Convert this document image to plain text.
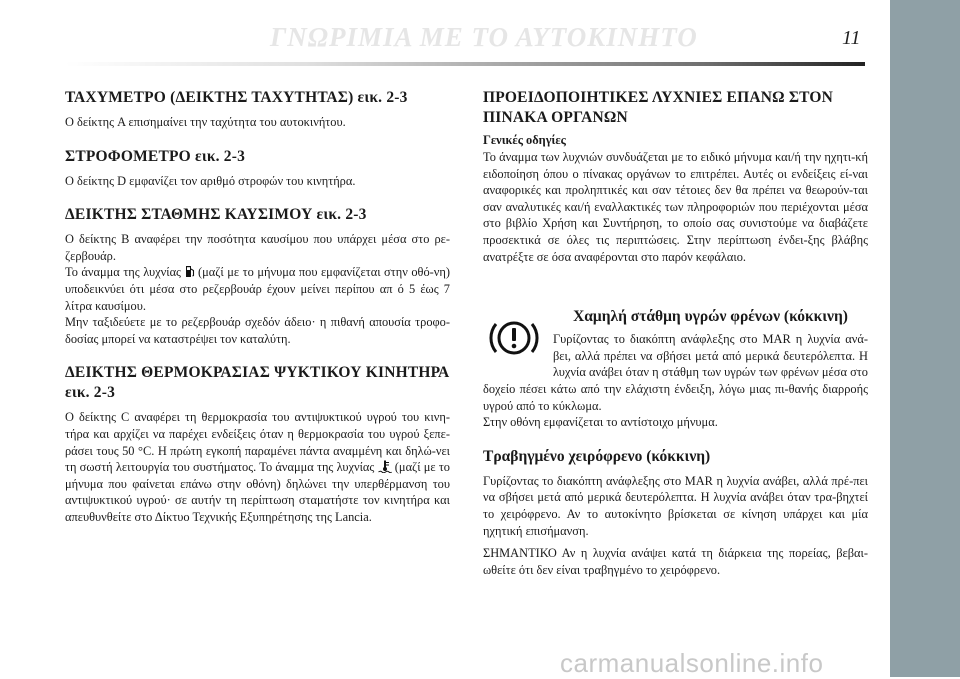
ΓΝΩΡΙΜΙΑ ΜΕ ΤΟ ΑΥΤΟΚΙΝΗΤΟ	11
ΤΑΧΥΜΕΤΡΟ (ΔΕΙΚΤΗΣ ΤΑΧΥΤΗΤΑΣ) εικ. 2-3

Ο δείκτης A επισημαίνει την ταχύτητα του αυτοκινήτου.

ΣΤΡΟΦΟΜΕΤΡΟ εικ. 2-3

Ο δείκτης D εμφανίζει τον αριθμό στροφών του κινητήρα.

ΔΕΙΚΤΗΣ ΣΤΑΘΜΗΣ ΚΑΥΣΙΜΟΥ εικ. 2-3

Ο δείκτης B αναφέρει την ποσότητα καυσίμου που υπάρχει μέσα στο ρε-ζερβουάρ.

Το άναμμα της λυχνίας (μαζί με το μήνυμα που εμφανίζεται στην οθό-νη) υποδεικνύει ότι μέσα στο ρεζερβουάρ έχουν μείνει περίπου απ ό 5 έως 7 λίτρα καυσίμου.

Μην ταξιδεύετε με το ρεζερβουάρ σχεδόν άδειο· η πιθανή απουσία τροφο-δοσίας μπορεί να καταστρέψει τον καταλύτη.

ΔΕΙΚΤΗΣ ΘΕΡΜΟΚΡΑΣΙΑΣ ΨΥΚΤΙΚΟΥ ΚΙΝΗΤΗΡΑ εικ. 2-3

Ο δείκτης C αναφέρει τη θερμοκρασία του αντιψυκτικού υγρού του κινη-τήρα και αρχίζει να παρέχει ενδείξεις όταν η θερμοκρασία του υγρού ξεπε-ράσει τους 50 °C. Η πρώτη εγκοπή παραμένει πάντα αναμμένη και δηλώ-νει τη σωστή λειτουργία του συστήματος. Το άναμμα της λυχνίας (μαζί με το μήνυμα που φαίνεται επάνω στην οθόνη) δηλώνει την υπερθέρμανση του αντιψυκτικού υγρού· σε αυτήν τη περίπτωση σταματήστε τον κινητήρα και απευθυνθείτε στο Δίκτυο Τεχνικής Εξυπηρέτησης της Lancia.

ΠΡΟΕΙΔΟΠΟΙΗΤΙΚΕΣ ΛΥΧΝΙΕΣ ΕΠΑΝΩ ΣΤΟΝ ΠΙΝΑΚΑ ΟΡΓΑΝΩΝ
Γενικές οδηγίες

Το άναμμα των λυχνιών συνδυάζεται με το ειδικό μήνυμα και/ή την ηχητι-κή ειδοποίηση όπου ο πίνακας οργάνων το επιτρέπει. Αυτές οι ενδείξεις εί-ναι αναφορικές και προληπτικές και σαν τέτοιες δεν θα πρέπει να θεωρούν-ται σαν αναλυτικές και/ή εναλλακτικές των πληροφοριών που περιέχονται μέσα στο βιβλίο Χρήση και Συντήρηση, το οποίο σας συνιστούμε να διαβάζετε προσεκτικά σε όλες τις περιπτώσεις. Στην περίπτωση ένδει-ξης βλάβης ανατρέξτε σε όσα αναφέρονται στο παρόν κεφάλαιο.

Χαμηλή στάθμη υγρών φρένων (κόκκινη)

Γυρίζοντας το διακόπτη ανάφλεξης στο MAR η λυχνία ανά-βει, αλλά πρέπει να σβήσει μετά από μερικά δευτερόλεπτα. Η λυχνία ανάβει όταν η στάθμη των υγρών των φρένων μέσα στο δοχείο πέσει κάτω από την ελάχιστη ένδειξη, λόγω μιας πι-θανής διαρροής υγρού από το κύκλωμα.

Στην οθόνη εμφανίζεται το αντίστοιχο μήνυμα.

Τραβηγμένο χειρόφρενο (κόκκινη)

Γυρίζοντας το διακόπτη ανάφλεξης στο MAR η λυχνία ανάβει, αλλά πρέ-πει να σβήσει μετά από μερικά δευτερόλεπτα. Η λυχνία ανάβει όταν τρα-βηχτεί το χειρόφρενο. Αν το αυτοκίνητο βρίσκεται σε κίνηση υπάρχει και μία ηχητική επισήμανση.

ΣΗΜΑΝΤΙΚΟ Αν η λυχνία ανάψει κατά τη διάρκεια της πορείας, βεβαι-ωθείτε ότι δεν είναι τραβηγμένο το χειρόφρενο.

carmanualsonline.info
